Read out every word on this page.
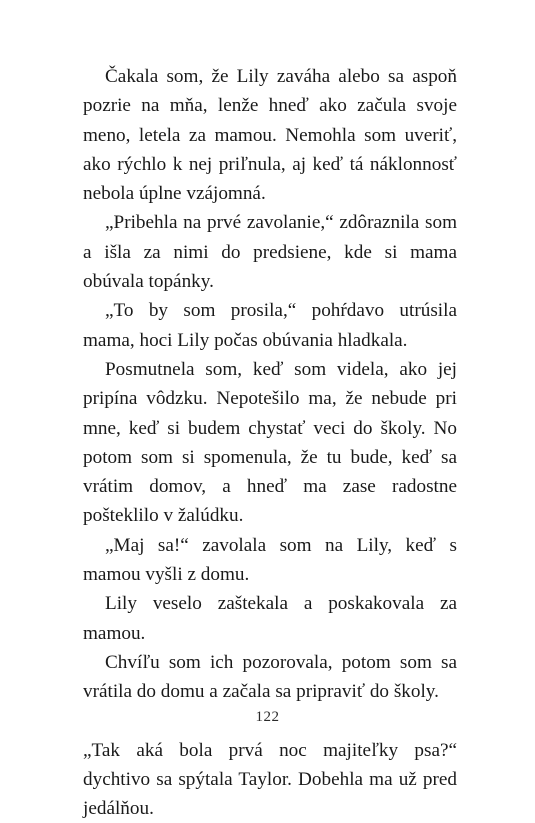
Čakala som, že Lily zaváha alebo sa aspoň pozrie na mňa, lenže hneď ako začula svoje meno, letela za mamou. Nemohla som uveriť, ako rýchlo k nej priľnula, aj keď tá náklonnosť nebola úplne vzájomná.

„Pribehla na prvé zavolanie,“ zdôraznila som a išla za nimi do predsiene, kde si mama obúvala topánky.

„To by som prosila,“ pohŕdavo utrúsila mama, hoci Lily počas obúvania hladkala.

Posmutnela som, keď som videla, ako jej pripína vôdzku. Nepotešilo ma, že nebude pri mne, keď si budem chystať veci do školy. No potom som si spomenula, že tu bude, keď sa vrátim domov, a hneď ma zase radostne pošteklilo v žalúdku.

„Maj sa!“ zavolala som na Lily, keď s mamou vyšli z domu.

Lily veselo zaštekala a poskakovala za mamou.

Chvíľu som ich pozorovala, potom som sa vrátila do domu a začala sa pripraviť do školy.

„Tak aká bola prvá noc majiteľky psa?“ dychtivo sa spýtala Taylor. Dobehla ma už pred jedálňou.

122
